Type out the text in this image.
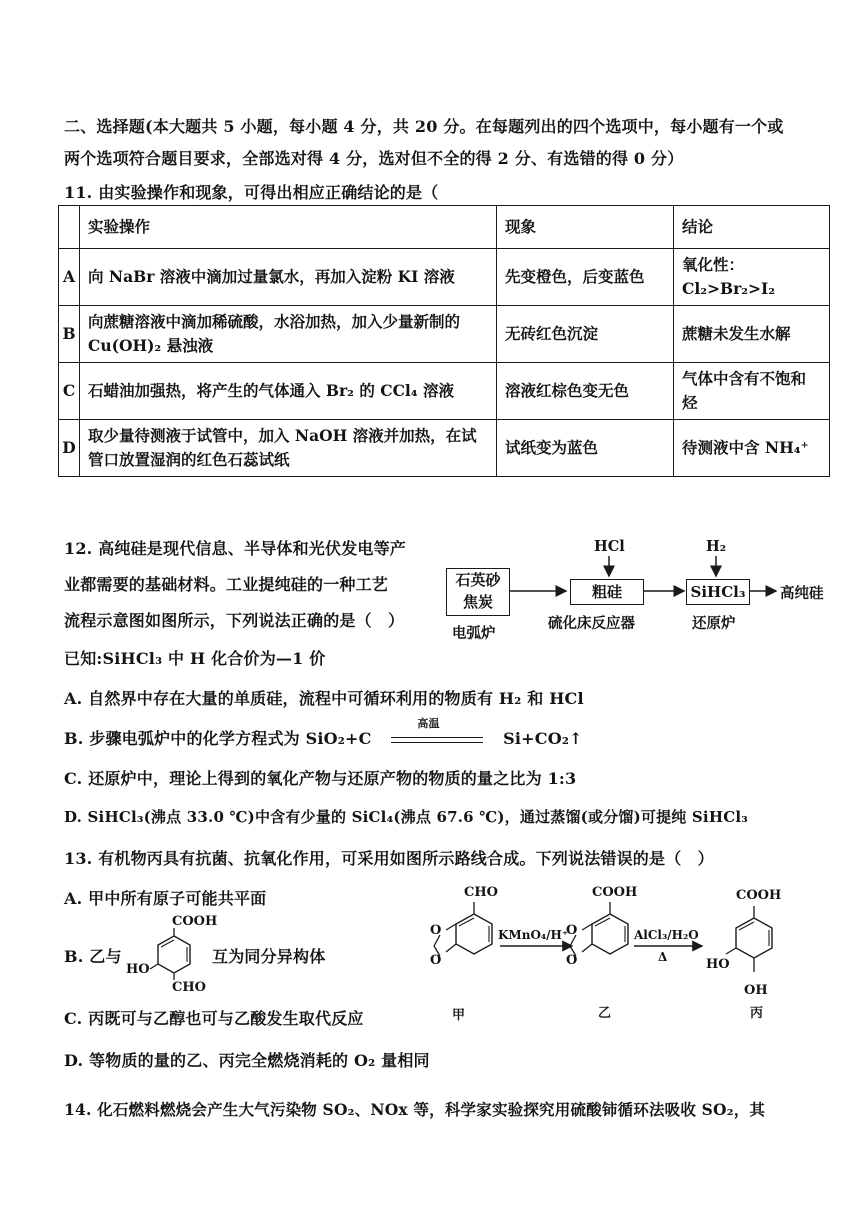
二、选择题(本大题共 5 小题，每小题 4 分，共 20 分。在每题列出的四个选项中，每小题有一个或
两个选项符合题目要求，全部选对得 4 分，选对但不全的得 2 分、有选错的得 0 分）
11. 由实验操作和现象，可得出相应正确结论的是（
	实验操作	现象	结论
A	向 NaBr 溶液中滴加过量氯水，再加入淀粉 KI 溶液	先变橙色，后变蓝色	氧化性：Cl₂>Br₂>I₂
B	向蔗糖溶液中滴加稀硫酸，水浴加热，加入少量新制的 Cu(OH)₂ 悬浊液	无砖红色沉淀	蔗糖未发生水解
C	石蜡油加强热，将产生的气体通入 Br₂ 的 CCl₄ 溶液	溶液红棕色变无色	气体中含有不饱和烃
D	取少量待测液于试管中，加入 NaOH 溶液并加热，在试管口放置湿润的红色石蕊试纸	试纸变为蓝色	待测液中含 NH₄⁺
12. 高纯硅是现代信息、半导体和光伏发电等产
业都需要的基础材料。工业提纯硅的一种工艺
流程示意图如图所示，下列说法正确的是（　）
石英砂
焦炭
电弧炉
HCl
粗硅
硫化床反应器
H₂
SiHCl₃
还原炉
高纯硅
已知:SiHCl₃ 中 H 化合价为—1 价
A. 自然界中存在大量的单质硅，流程中可循环利用的物质有 H₂ 和 HCl
B. 步骤电弧炉中的化学方程式为 SiO₂+C
高温
Si+CO₂↑
C. 还原炉中，理论上得到的氧化产物与还原产物的物质的量之比为 1:3
D. SiHCl₃(沸点 33.0 ℃)中含有少量的 SiCl₄(沸点 67.6 ℃)，通过蒸馏(或分馏)可提纯 SiHCl₃
13. 有机物丙具有抗菌、抗氧化作用，可采用如图所示路线合成。下列说法错误的是（　）
A. 甲中所有原子可能共平面
B. 乙与
COOH
HO
CHO
互为同分异构体
C. 丙既可与乙醇也可与乙酸发生取代反应
D. 等物质的量的乙、丙完全燃烧消耗的 O₂ 量相同
CHO
O
O
甲
KMnO₄/H⁺
COOH
O
O
乙
AlCl₃/H₂O
Δ
COOH
HO
OH
丙
14. 化石燃料燃烧会产生大气污染物 SO₂、NOx 等，科学家实验探究用硫酸铈循环法吸收 SO₂，其
